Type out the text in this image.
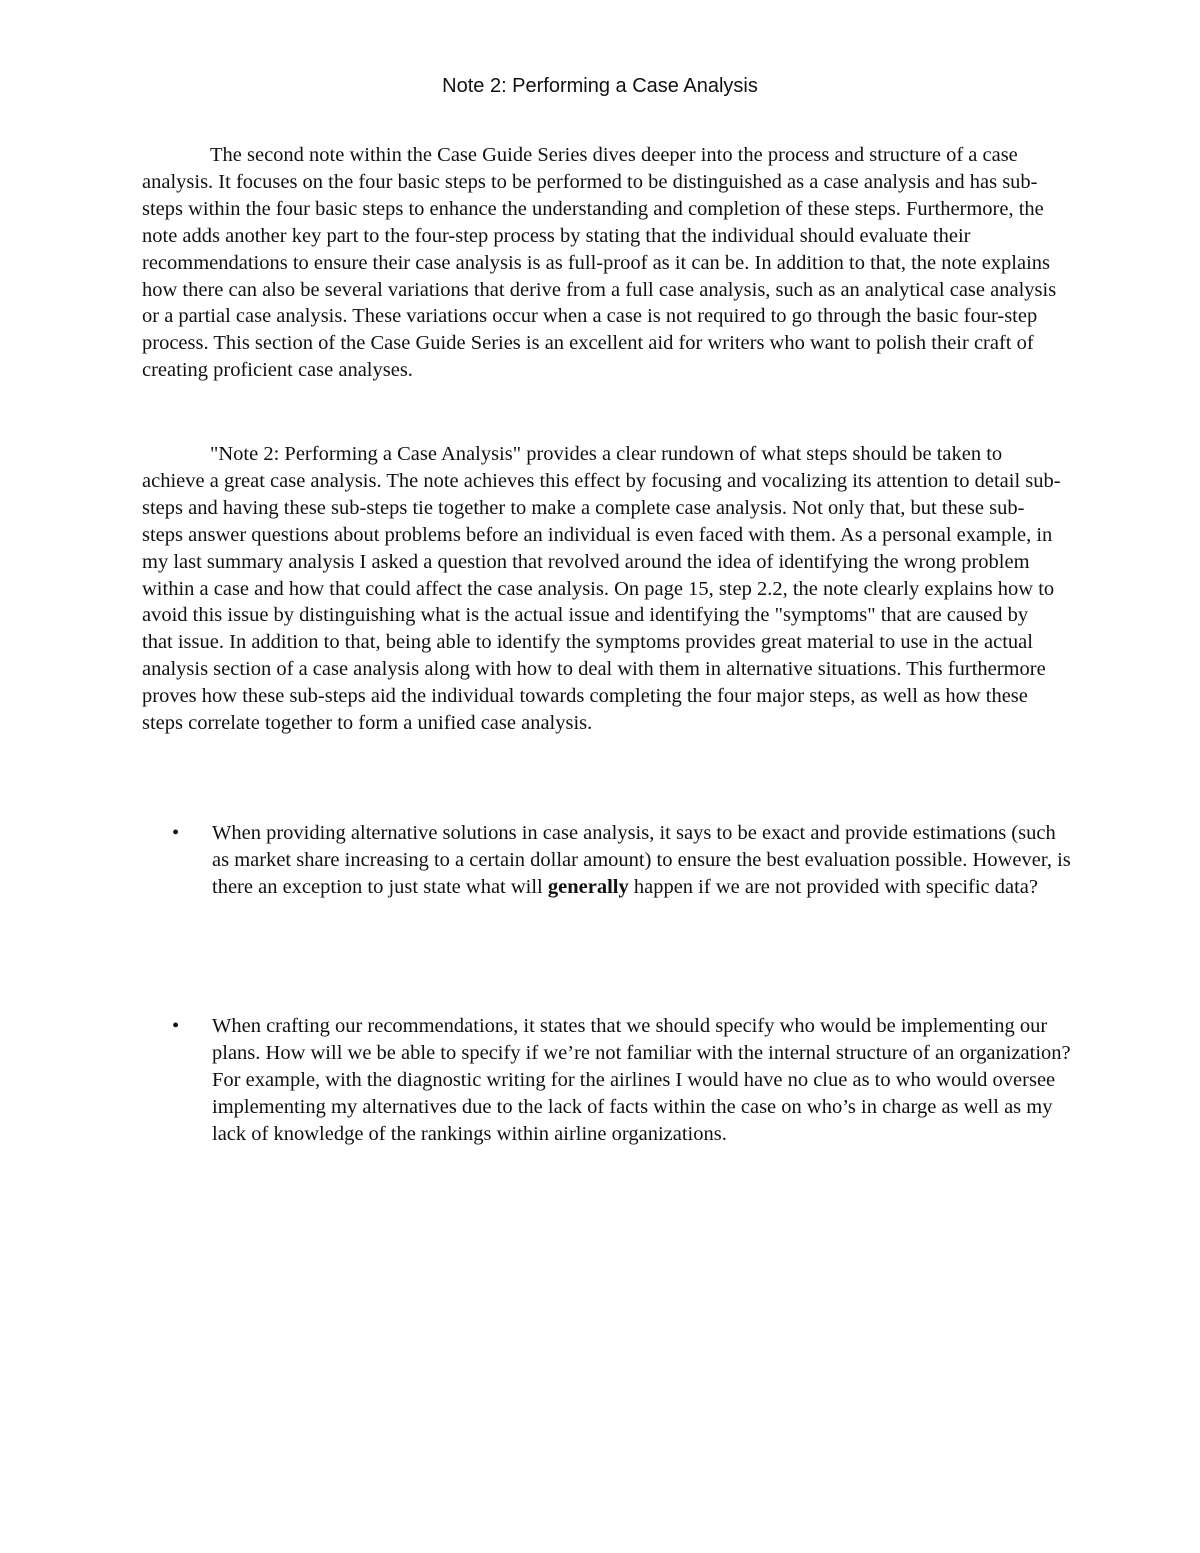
Note 2: Performing a Case Analysis

The second note within the Case Guide Series dives deeper into the process and structure of a case analysis. It focuses on the four basic steps to be performed to be distinguished as a case analysis and has sub-steps within the four basic steps to enhance the understanding and completion of these steps. Furthermore, the note adds another key part to the four-step process by stating that the individual should evaluate their recommendations to ensure their case analysis is as full-proof as it can be. In addition to that, the note explains how there can also be several variations that derive from a full case analysis, such as an analytical case analysis or a partial case analysis. These variations occur when a case is not required to go through the basic four-step process. This section of the Case Guide Series is an excellent aid for writers who want to polish their craft of creating proficient case analyses.

"Note 2: Performing a Case Analysis" provides a clear rundown of what steps should be taken to achieve a great case analysis. The note achieves this effect by focusing and vocalizing its attention to detail sub-steps and having these sub-steps tie together to make a complete case analysis. Not only that, but these sub-steps answer questions about problems before an individual is even faced with them. As a personal example, in my last summary analysis I asked a question that revolved around the idea of identifying the wrong problem within a case and how that could affect the case analysis. On page 15, step 2.2, the note clearly explains how to avoid this issue by distinguishing what is the actual issue and identifying the "symptoms" that are caused by that issue. In addition to that, being able to identify the symptoms provides great material to use in the actual analysis section of a case analysis along with how to deal with them in alternative situations. This furthermore proves how these sub-steps aid the individual towards completing the four major steps, as well as how these steps correlate together to form a unified case analysis.

• When providing alternative solutions in case analysis, it says to be exact and provide estimations (such as market share increasing to a certain dollar amount) to ensure the best evaluation possible. However, is there an exception to just state what will generally happen if we are not provided with specific data?
• When crafting our recommendations, it states that we should specify who would be implementing our plans. How will we be able to specify if we’re not familiar with the internal structure of an organization? For example, with the diagnostic writing for the airlines I would have no clue as to who would oversee implementing my alternatives due to the lack of facts within the case on who’s in charge as well as my lack of knowledge of the rankings within airline organizations.
